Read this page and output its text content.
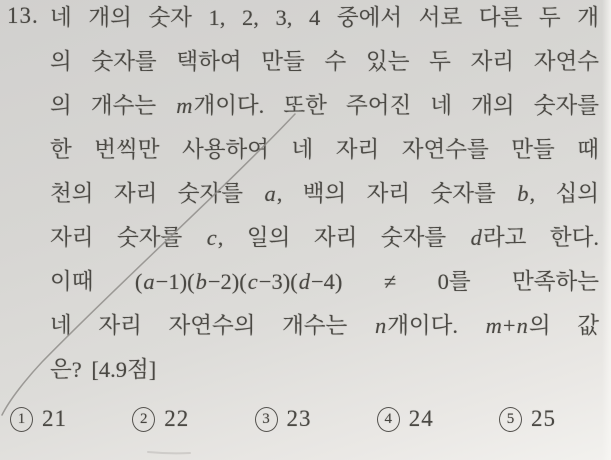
13. 네 개의 숫자 1, 2, 3, 4 중에서 서로 다른 두 개
의 숫자를 택하여 만들 수 있는 두 자리 자연수
의 개수는 m개이다. 또한 주어진 네 개의 숫자를
한 번씩만 사용하여 네 자리 자연수를 만들 때
천의 자리 숫자를 a, 백의 자리 숫자를 b, 십의
자리 숫자를 c, 일의 자리 숫자를 d라고 한다.
이때 (a−1)(b−2)(c−3)(d−4) ≠ 0를 만족하는
네 자리 자연수의 개수는 n개이다. m+n의 값
은? [4.9점]
1 21	2 22	3 23	4 24	5 25
